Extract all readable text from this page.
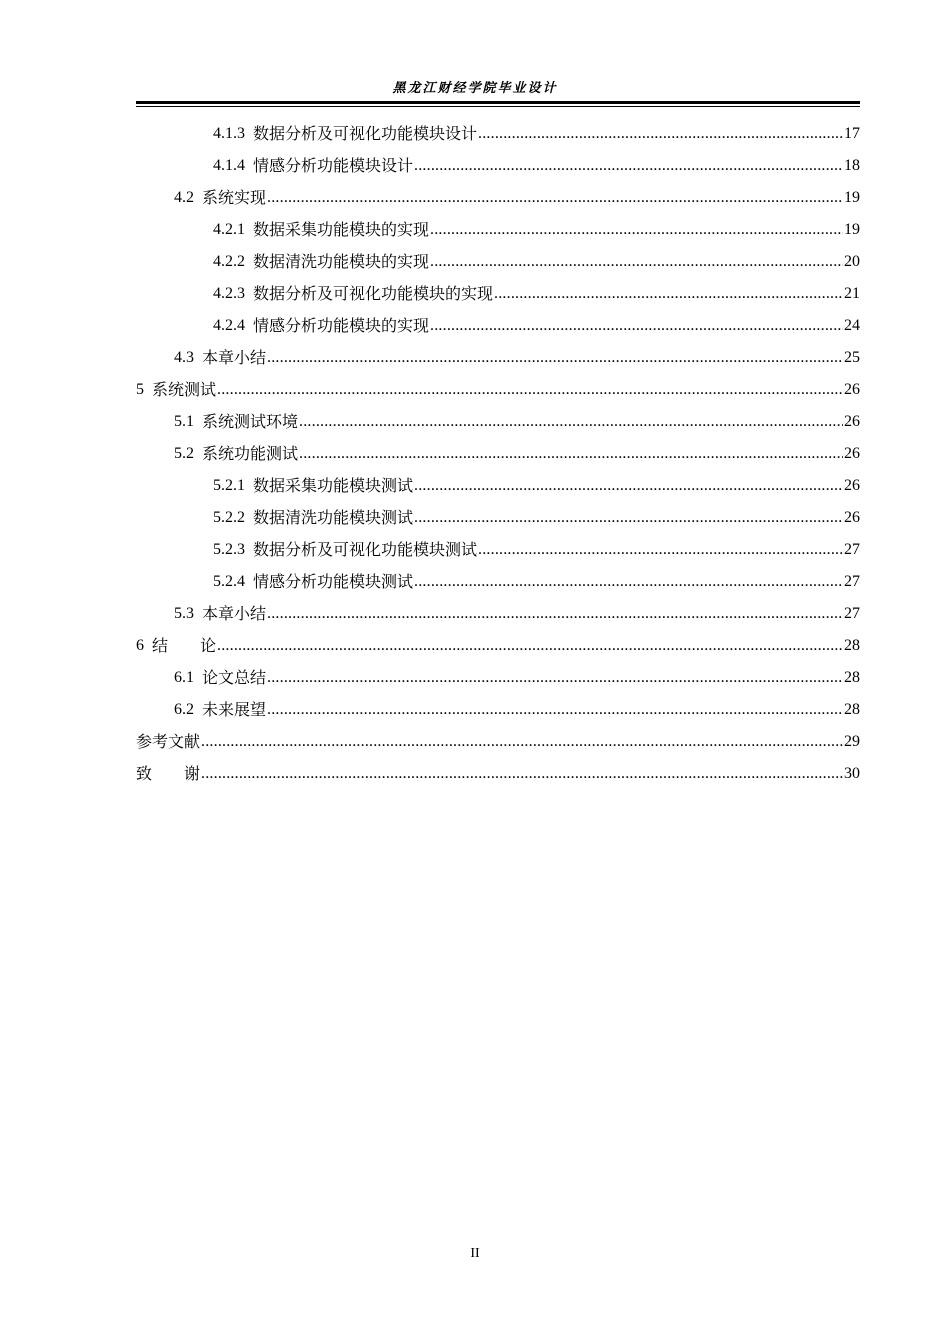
黑龙江财经学院毕业设计
4.1.3 数据分析及可视化功能模块设计 .....	17
4.1.4 情感分析功能模块设计 .....	18
4.2 系统实现 .....	19
4.2.1 数据采集功能模块的实现 .....	19
4.2.2 数据清洗功能模块的实现 .....	20
4.2.3 数据分析及可视化功能模块的实现 .....	21
4.2.4 情感分析功能模块的实现 .....	24
4.3 本章小结 .....	25
5 系统测试 .....	26
5.1 系统测试环境 .....	26
5.2 系统功能测试 .....	26
5.2.1 数据采集功能模块测试 .....	26
5.2.2 数据清洗功能模块测试 .....	26
5.2.3 数据分析及可视化功能模块测试 .....	27
5.2.4 情感分析功能模块测试 .....	27
5.3 本章小结 .....	27
6 结　　论 .....	28
6.1 论文总结 .....	28
6.2 未来展望 .....	28
参考文献 .....	29
致　　谢 .....	30
II
